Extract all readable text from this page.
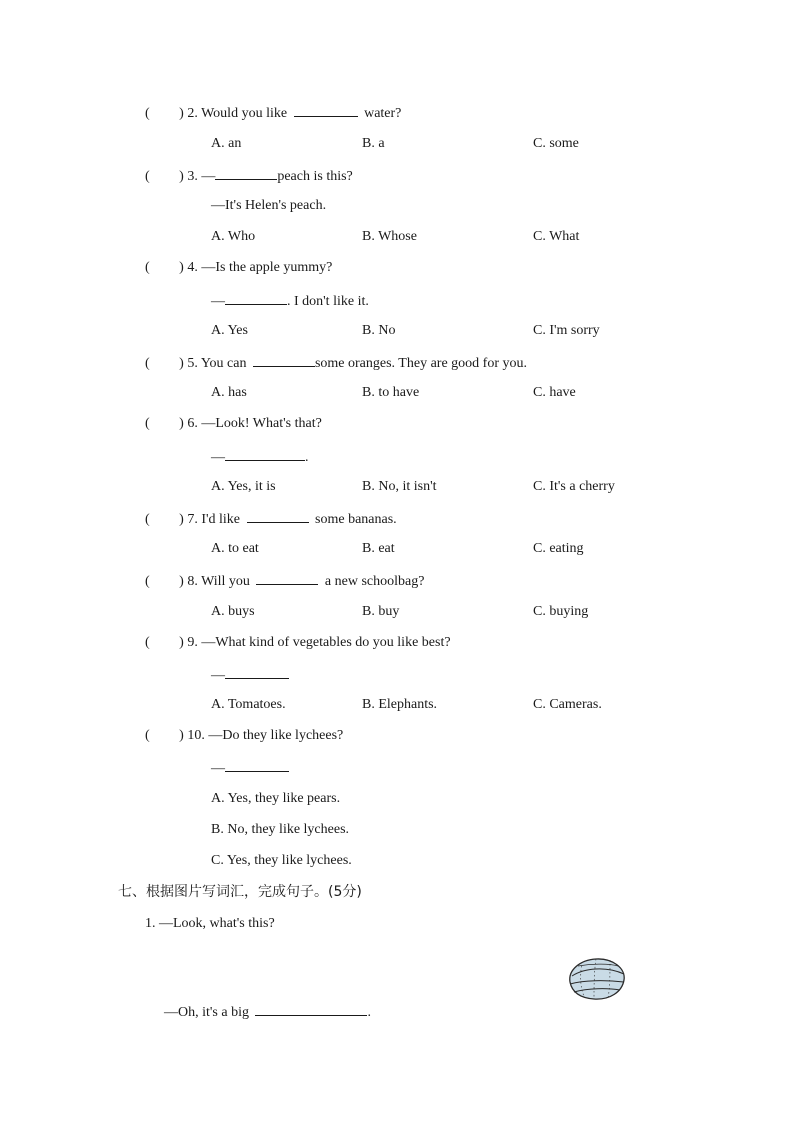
( ) 2. Would you like	water?
A. an	B. a	C. some
( ) 3. —	peach is this?
—It's Helen's peach.
A. Who	B. Whose	C. What
( ) 4. —Is the apple yummy?
—	. I don't like it.
A. Yes	B. No	C. I'm sorry
( ) 5. You can	some oranges. They are good for you.
A. has	B. to have	C. have
( ) 6. —Look! What's that?
—	.
A. Yes, it is	B. No, it isn't	C. It's a cherry
( ) 7. I'd like	some bananas.
A. to eat	B. eat	C. eating
( ) 8. Will you	a new schoolbag?
A. buys	B. buy	C. buying
( ) 9. —What kind of vegetables do you like best?
—
A. Tomatoes.	B. Elephants.	C. Cameras.
( ) 10. —Do they like lychees?
—
A. Yes, they like pears.
B. No, they like lychees.
C. Yes, they like lychees.
七、根据图片写词汇，完成句子。(5分)
1. —Look, what's this?
—Oh, it's a big	.
